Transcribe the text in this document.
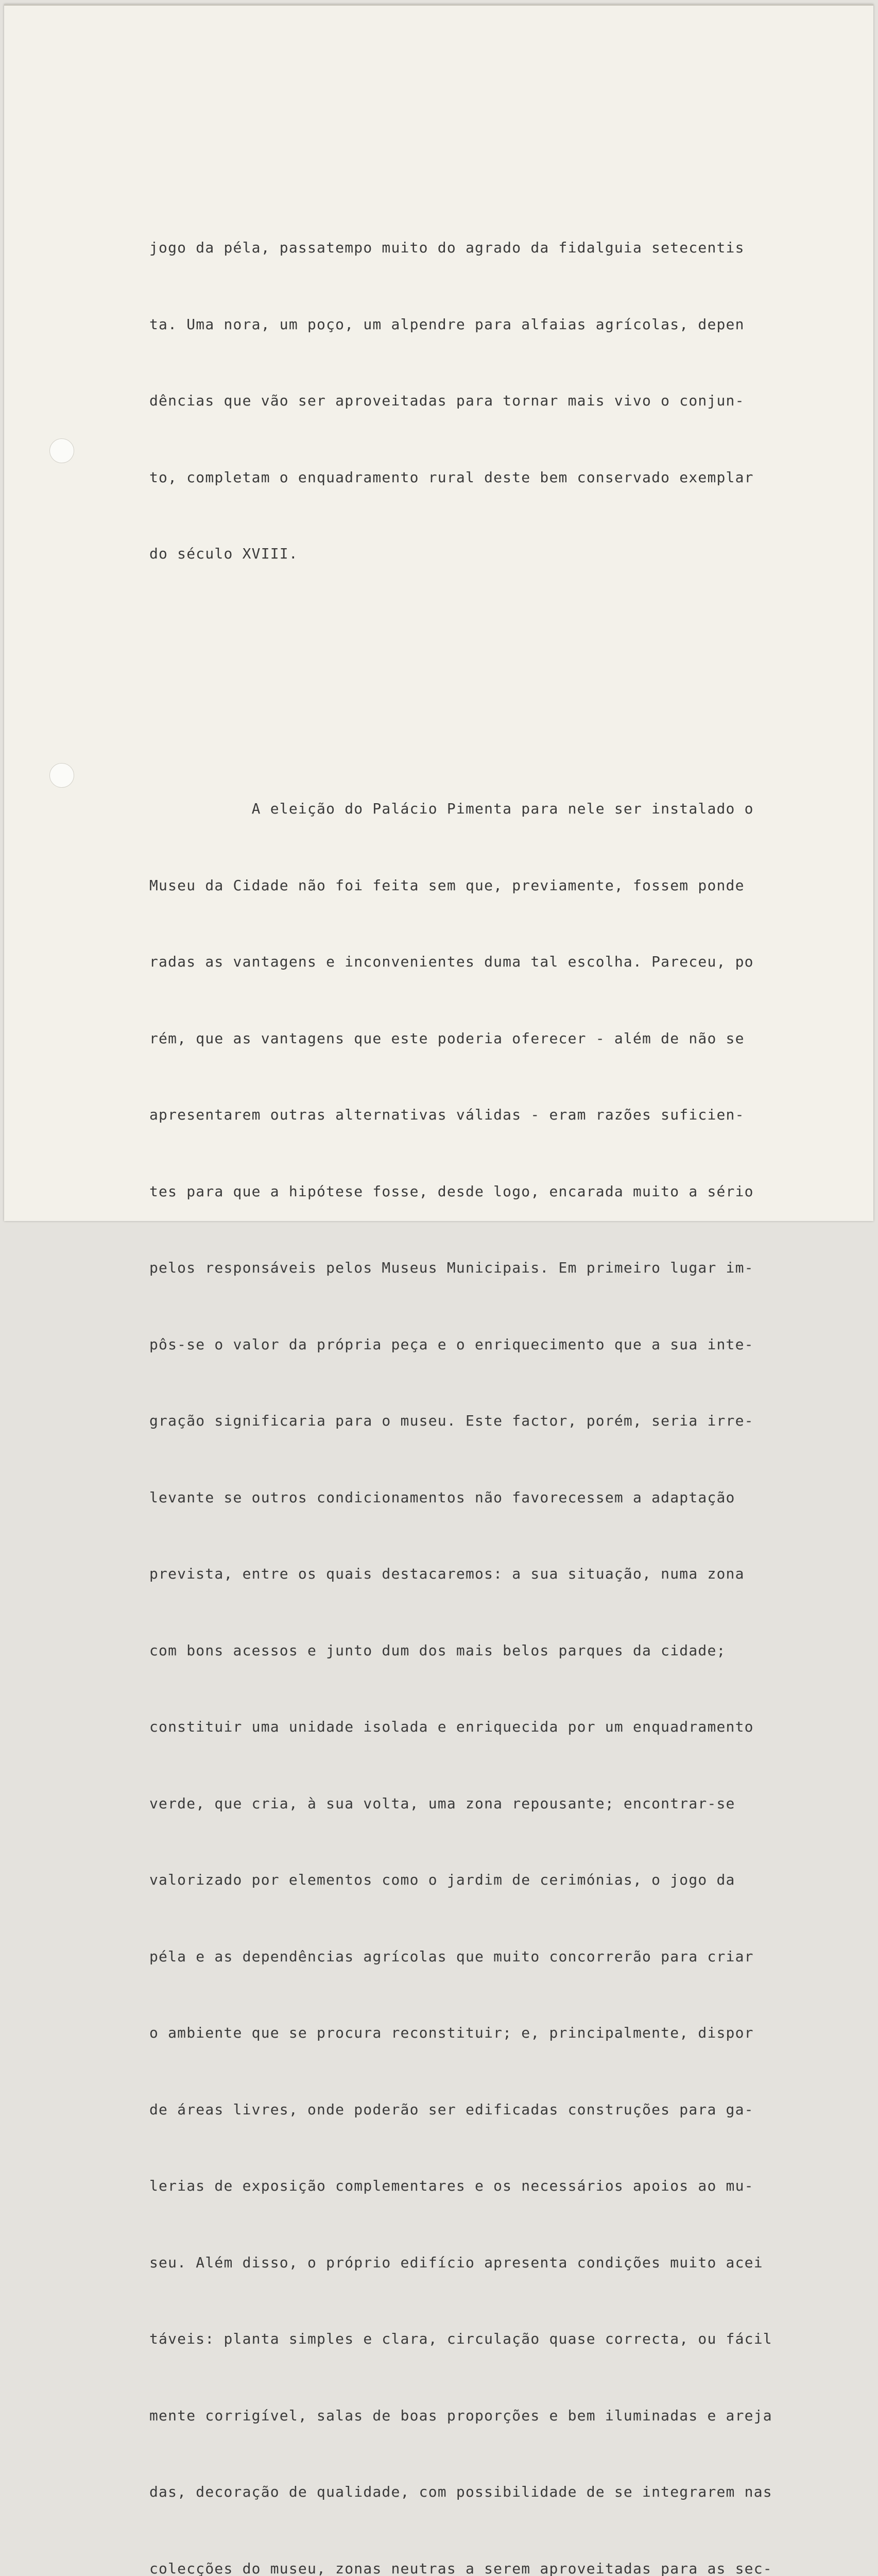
jogo da péla, passatempo muito do agrado da fidalguia setecentis

ta. Uma nora, um poço, um alpendre para alfaias agrícolas, depen

dências que vão ser aproveitadas para tornar mais vivo o conjun-

to, completam o enquadramento rural deste bem conservado exemplar

do século XVIII.

A eleição do Palácio Pimenta para nele ser instalado o

Museu da Cidade não foi feita sem que, previamente, fossem ponde

radas as vantagens e inconvenientes duma tal escolha. Pareceu, po

rém, que as vantagens que este poderia oferecer - além de não se

apresentarem outras alternativas válidas - eram razões suficien-

tes para que a hipótese fosse, desde logo, encarada muito a sério

pelos responsáveis pelos Museus Municipais. Em primeiro lugar im-

pôs-se o valor da própria peça e o enriquecimento que a sua inte-

gração significaria para o museu. Este factor, porém, seria irre-

levante se outros condicionamentos não favorecessem a adaptação

prevista, entre os quais destacaremos: a sua situação, numa zona

com bons acessos e junto dum dos mais belos parques da cidade;

constituir uma unidade isolada e enriquecida por um enquadramento

verde, que cria, à sua volta, uma zona repousante; encontrar-se

valorizado por elementos como o jardim de cerimónias, o jogo da

péla e as dependências agrícolas que muito concorrerão para criar

o ambiente que se procura reconstituir; e, principalmente, dispor

de áreas livres, onde poderão ser edificadas construções para ga-

lerias de exposição complementares e os necessários apoios ao mu-

seu. Além disso, o próprio edifício apresenta condições muito acei

táveis: planta simples e clara, circulação quase correcta, ou fácil

mente corrigível, salas de boas proporções e bem iluminadas e areja

das, decoração de qualidade, com possibilidade de se integrarem nas

colecções do museu, zonas neutras a serem aproveitadas para as sec-
